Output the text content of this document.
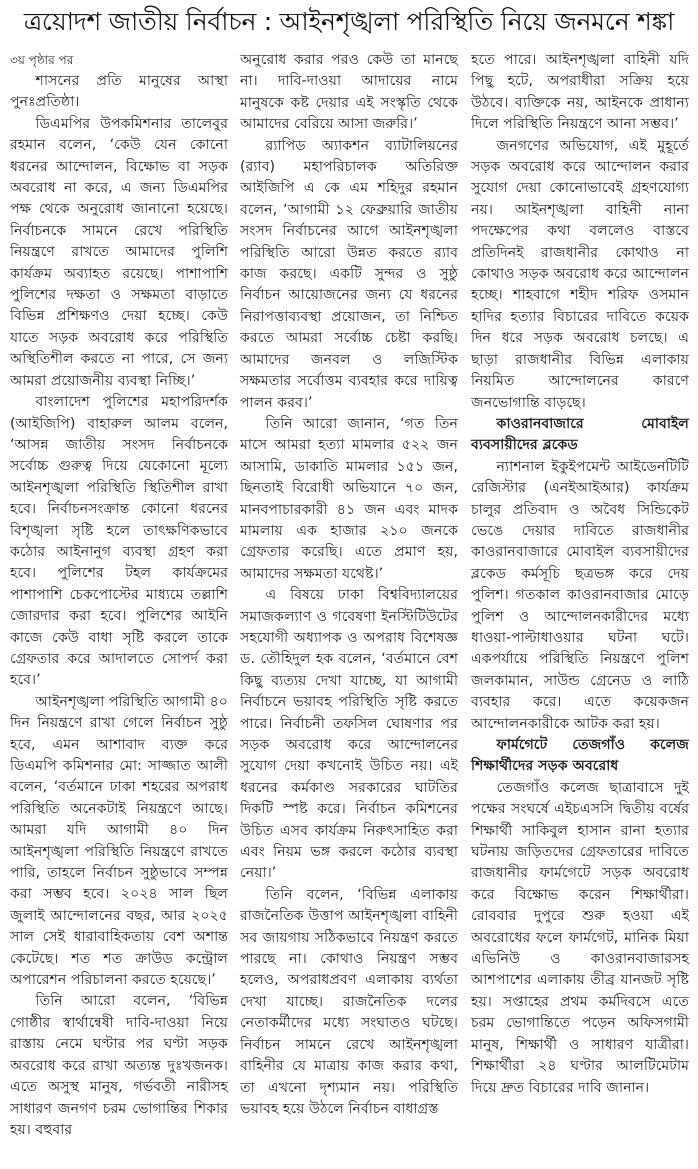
ত্রয়োদশ জাতীয় নির্বাচন : আইনশৃঙ্খলা পরিস্থিতি নিয়ে জনমনে শঙ্কা

৩য় পৃষ্ঠার পর

শাসনের প্রতি মানুষের আস্থা পুনঃপ্রতিষ্ঠা।

ডিএমপির উপকমিশনার তালেবুর রহমান বলেন, ‘কেউ যেন কোনো ধরনের আন্দোলন, বিক্ষোভ বা সড়ক অবরোধ না করে, এ জন্য ডিএমপির পক্ষ থেকে অনুরোধ জানানো হয়েছে। নির্বাচনকে সামনে রেখে পরিস্থিতি নিয়ন্ত্রণে রাখতে আমাদের পুলিশি কার্যক্রম অব্যাহত রয়েছে। পাশাপাশি পুলিশের দক্ষতা ও সক্ষমতা বাড়াতে বিভিন্ন প্রশিক্ষণও দেয়া হচ্ছে। কেউ যাতে সড়ক অবরোধ করে পরিস্থিতি অস্থিতিশীল করতে না পারে, সে জন্য আমরা প্রয়োজনীয় ব্যবস্থা নিচ্ছি।’

বাংলাদেশ পুলিশের মহাপরিদর্শক (আইজিপি) বাহারুল আলম বলেন, ‘আসন্ন জাতীয় সংসদ নির্বাচনকে সর্বোচ্চ গুরুত্ব দিয়ে যেকোনো মূল্যে আইনশৃঙ্খলা পরিস্থিতি স্থিতিশীল রাখা হবে। নির্বাচনসংক্রান্ত কোনো ধরনের বিশৃঙ্খলা সৃষ্টি হলে তাৎক্ষণিকভাবে কঠোর আইনানুগ ব্যবস্থা গ্রহণ করা হবে। পুলিশের টহল কার্যক্রমের পাশাপাশি চেকপোস্টের মাধ্যমে তল্লাশি জোরদার করা হবে। পুলিশের আইনি কাজে কেউ বাধা সৃষ্টি করলে তাকে গ্রেফতার করে আদালতে সোপর্দ করা হবে।’

আইনশৃঙ্খলা পরিস্থিতি আগামী ৪০ দিন নিয়ন্ত্রণে রাখা গেলে নির্বাচন সুষ্ঠু হবে, এমন আশাবাদ ব্যক্ত করে ডিএমপি কমিশনার মো: সাজ্জাত আলী বলেন, ‘বর্তমানে ঢাকা শহরের অপরাধ পরিস্থিতি অনেকটাই নিয়ন্ত্রণে আছে। আমরা যদি আগামী ৪০ দিন আইনশৃঙ্খলা পরিস্থিতি নিয়ন্ত্রণে রাখতে পারি, তাহলে নির্বাচন সুষ্ঠুভাবে সম্পন্ন করা সম্ভব হবে। ২০২৪ সাল ছিল জুলাই আন্দোলনের বছর, আর ২০২৫ সাল সেই ধারাবাহিকতায় বেশ অশান্ত কেটেছে। শত শত ক্রাউড কন্ট্রোল অপারেশন পরিচালনা করতে হয়েছে।’

তিনি আরো বলেন, ‘বিভিন্ন গোষ্ঠীর স্বার্থান্বেষী দাবি-দাওয়া নিয়ে রাস্তায় নেমে ঘণ্টার পর ঘণ্টা সড়ক অবরোধ করে রাখা অত্যন্ত দুঃখজনক। এতে অসুস্থ মানুষ, গর্ভবতী নারীসহ সাধারণ জনগণ চরম ভোগান্তির শিকার হয়। বহুবার

অনুরোধ করার পরও কেউ তা মানছে না। দাবি-দাওয়া আদায়ের নামে মানুষকে কষ্ট দেয়ার এই সংস্কৃতি থেকে আমাদের বেরিয়ে আসা জরুরি।’

র‌্যাপিড অ্যাকশন ব্যাটালিয়নের (র‌্যাব) মহাপরিচালক অতিরিক্ত আইজিপি এ কে এম শহিদুর রহমান বলেন, ‘আগামী ১২ ফেব্রুয়ারি জাতীয় সংসদ নির্বাচনের আগে আইনশৃঙ্খলা পরিস্থিতি আরো উন্নত করতে র‌্যাব কাজ করছে। একটি সুন্দর ও সুষ্ঠু নির্বাচন আয়োজনের জন্য যে ধরনের নিরাপত্তাব্যবস্থা প্রয়োজন, তা নিশ্চিত করতে আমরা সর্বোচ্চ চেষ্টা করছি। আমাদের জনবল ও লজিস্টিক সক্ষমতার সর্বোত্তম ব্যবহার করে দায়িত্ব পালন করব।’

তিনি আরো জানান, ‘গত তিন মাসে আমরা হত্যা মামলার ৫২২ জন আসামি, ডাকাতি মামলার ১৫১ জন, ছিনতাই বিরোধী অভিযানে ৭০ জন, মানবপাচারকারী ৪১ জন এবং মাদক মামলায় এক হাজার ২১০ জনকে গ্রেফতার করেছি। এতে প্রমাণ হয়, আমাদের সক্ষমতা যথেষ্ট।’

এ বিষয়ে ঢাকা বিশ্ববিদ্যালয়ের সমাজকল্যাণ ও গবেষণা ইনস্টিটিউটের সহযোগী অধ্যাপক ও অপরাধ বিশেষজ্ঞ ড. তৌহিদুল হক বলেন, ‘বর্তমানে বেশ কিছু ব্যত্যয় দেখা যাচ্ছে, যা আগামী নির্বাচনে ভয়াবহ পরিস্থিতি সৃষ্টি করতে পারে। নির্বাচনী তফসিল ঘোষণার পর সড়ক অবরোধ করে আন্দোলনের সুযোগ দেয়া কখনোই উচিত নয়। এই ধরনের কর্মকাণ্ড সরকারের ঘাটতির দিকটি স্পষ্ট করে। নির্বাচন কমিশনের উচিত এসব কার্যক্রম নিরুৎসাহিত করা এবং নিয়ম ভঙ্গ করলে কঠোর ব্যবস্থা নেয়া।’

তিনি বলেন, ‘বিভিন্ন এলাকায় রাজনৈতিক উত্তাপ আইনশৃঙ্খলা বাহিনী সব জায়গায় সঠিকভাবে নিয়ন্ত্রণ করতে পারছে না। কোথাও নিয়ন্ত্রণ সম্ভব হলেও, অপরাধপ্রবণ এলাকায় ব্যর্থতা দেখা যাচ্ছে। রাজনৈতিক দলের নেতাকর্মীদের মধ্যে সংঘাতও ঘটছে। নির্বাচন সামনে রেখে আইনশৃঙ্খলা বাহিনীর যে মাত্রায় কাজ করার কথা, তা এখনো দৃশ্যমান নয়। পরিস্থিতি ভয়াবহ হয়ে উঠলে নির্বাচন বাধাগ্রস্ত

হতে পারে। আইনশৃঙ্খলা বাহিনী যদি পিছু হটে, অপরাধীরা সক্রিয় হয়ে উঠবে। ব্যক্তিকে নয়, আইনকে প্রাধান্য দিলে পরিস্থিতি নিয়ন্ত্রণে আনা সম্ভব।’

জনগণের অভিযোগ, এই মুহূর্তে সড়ক অবরোধ করে আন্দোলন করার সুযোগ দেয়া কোনোভাবেই গ্রহণযোগ্য নয়। আইনশৃঙ্খলা বাহিনী নানা পদক্ষেপের কথা বললেও বাস্তবে প্রতিদিনই রাজধানীর কোথাও না কোথাও সড়ক অবরোধ করে আন্দোলন হচ্ছে। শাহবাগে শহীদ শরিফ ওসমান হাদির হত্যার বিচারের দাবিতে কয়েক দিন ধরে সড়ক অবরোধ চলছে। এ ছাড়া রাজধানীর বিভিন্ন এলাকায় নিয়মিত আন্দোলনের কারণে জনভোগান্তি বাড়ছে।

কাওরানবাজারে মোবাইল ব্যবসায়ীদের ব্লকেড

ন্যাশনাল ইকুইপমেন্ট আইডেনটিটি রেজিস্টার (এনইআইআর) কার্যক্রম চালুর প্রতিবাদ ও অবৈধ সিন্ডিকেট ভেঙে দেয়ার দাবিতে রাজধানীর কাওরানবাজারে মোবাইল ব্যবসায়ীদের ব্লকেড কর্মসূচি ছত্রভঙ্গ করে দেয় পুলিশ। গতকাল কাওরানবাজার মোড়ে পুলিশ ও আন্দোলনকারীদের মধ্যে ধাওয়া-পাল্টাধাওয়ার ঘটনা ঘটে। একপর্যায়ে পরিস্থিতি নিয়ন্ত্রণে পুলিশ জলকামান, সাউন্ড গ্রেনেড ও লাঠি ব্যবহার করে। এতে কয়েকজন আন্দোলনকারীকে আটক করা হয়।

ফার্মগেটে তেজগাঁও কলেজ শিক্ষার্থীদের সড়ক অবরোধ

তেজগাঁও কলেজ ছাত্রাবাসে দুই পক্ষের সংঘর্ষে এইচএসসি দ্বিতীয় বর্ষের শিক্ষার্থী সাকিবুল হাসান রানা হত্যার ঘটনায় জড়িতদের গ্রেফতারের দাবিতে রাজধানীর ফার্মগেটে সড়ক অবরোধ করে বিক্ষোভ করেন শিক্ষার্থীরা। রোববার দুপুরে শুরু হওয়া এই অবরোধের ফলে ফার্মগেট, মানিক মিয়া এভিনিউ ও কাওরানবাজারসহ আশপাশের এলাকায় তীব্র যানজট সৃষ্টি হয়। সপ্তাহের প্রথম কর্মদিবসে এতে চরম ভোগান্তিতে পড়েন অফিসগামী মানুষ, শিক্ষার্থী ও সাধারণ যাত্রীরা। শিক্ষার্থীরা ২৪ ঘণ্টার আলটিমেটাম দিয়ে দ্রুত বিচারের দাবি জানান।
